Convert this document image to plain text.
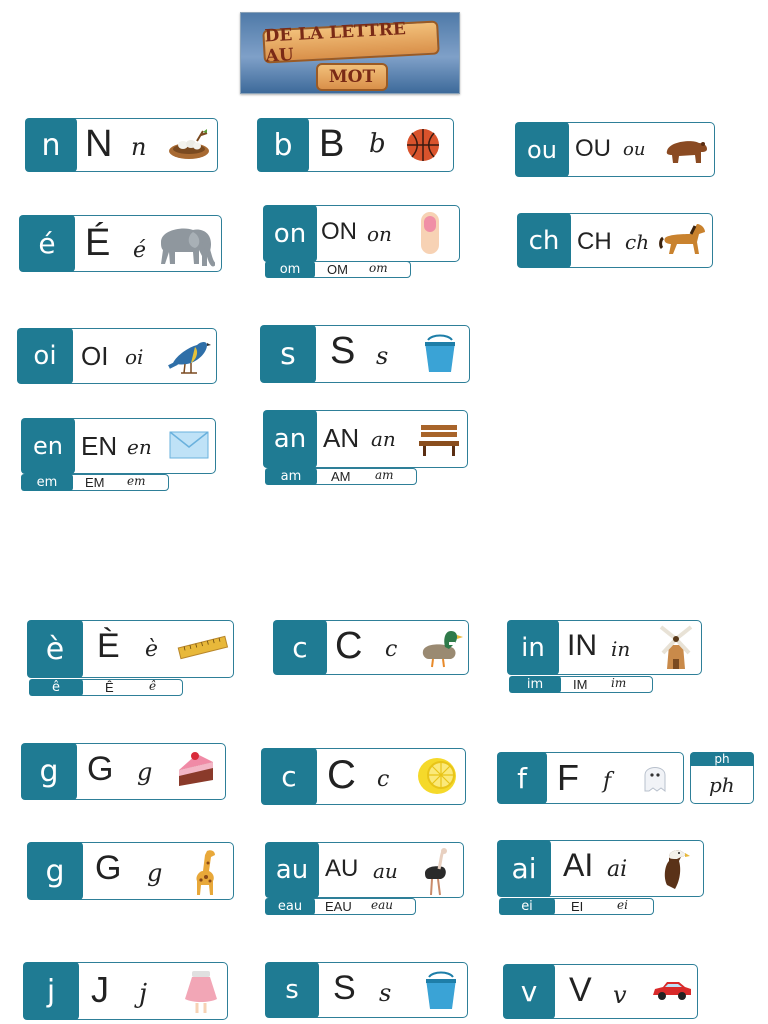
DE LA LETTRE AU
MOT
n N n	b B b	ou OU ou
é É é
on ON on
om	OM om
ch CH ch
oi OI oi	s S s
en EN en
em	EM em
an AN an
am	AM am
è È è
ê	Ê	ê
c C c	in IN in
im	IM im
g G g	c C c	f F f
ph
ph
g G g	au AU au
eau	EAU eau
ai AI ai
ei	EI	ei
j J j	s	S s	v V v
